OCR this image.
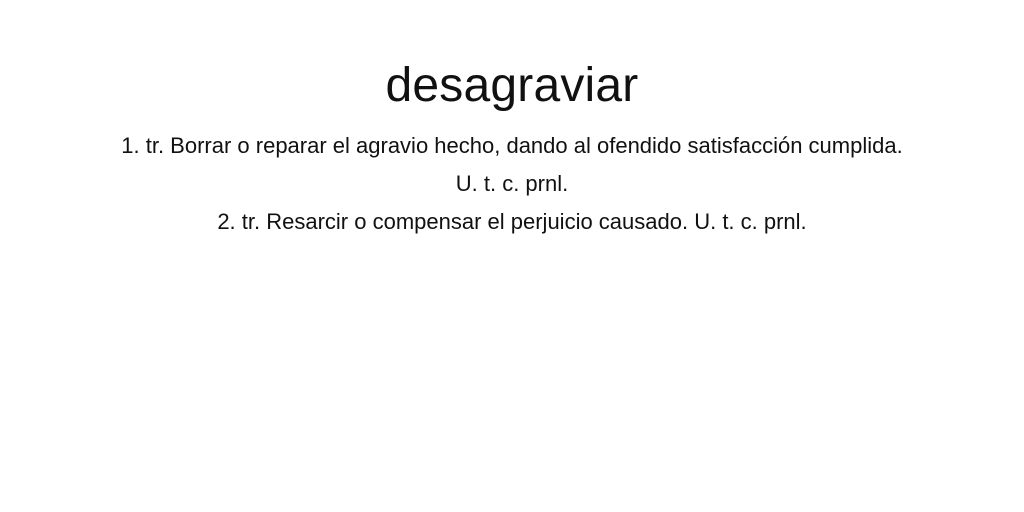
desagraviar
1. tr. Borrar o reparar el agravio hecho, dando al ofendido satisfacción cumplida. U. t. c. prnl.
2. tr. Resarcir o compensar el perjuicio causado. U. t. c. prnl.
